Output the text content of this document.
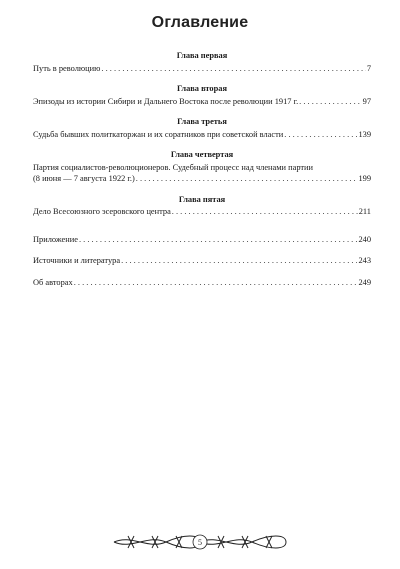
Оглавление
Глава первая
Путь в революцию . . .	7
Глава вторая
Эпизоды из истории Сибири и Дальнего Востока после революции 1917 г. . . .	97
Глава третья
Судьба бывших политкаторжан и их соратников при советской власти . . .	139
Глава четвертая
Партия социалистов-революционеров. Судебный процесс над членами партии
(8 июня — 7 августа 1922 г.) . . .	199
Глава пятая
Дело Всесоюзного эсеровского центра . . .	211
Приложение . . .	240
Источники и литература . . .	243
Об авторах . . .	249
5
